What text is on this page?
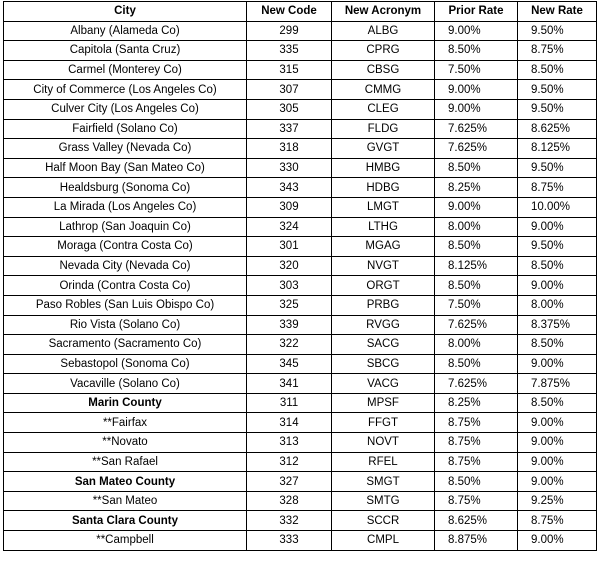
City	New Code	New Acronym	Prior Rate	New Rate
Albany (Alameda Co)	299	ALBG	9.00%	9.50%
Capitola (Santa Cruz)	335	CPRG	8.50%	8.75%
Carmel (Monterey Co)	315	CBSG	7.50%	8.50%
City of Commerce (Los Angeles Co)	307	CMMG	9.00%	9.50%
Culver City (Los Angeles Co)	305	CLEG	9.00%	9.50%
Fairfield (Solano Co)	337	FLDG	7.625%	8.625%
Grass Valley (Nevada Co)	318	GVGT	7.625%	8.125%
Half Moon Bay (San Mateo Co)	330	HMBG	8.50%	9.50%
Healdsburg (Sonoma Co)	343	HDBG	8.25%	8.75%
La Mirada (Los Angeles Co)	309	LMGT	9.00%	10.00%
Lathrop (San Joaquin Co)	324	LTHG	8.00%	9.00%
Moraga (Contra Costa Co)	301	MGAG	8.50%	9.50%
Nevada City (Nevada Co)	320	NVGT	8.125%	8.50%
Orinda (Contra Costa Co)	303	ORGT	8.50%	9.00%
Paso Robles (San Luis Obispo Co)	325	PRBG	7.50%	8.00%
Rio Vista (Solano Co)	339	RVGG	7.625%	8.375%
Sacramento (Sacramento Co)	322	SACG	8.00%	8.50%
Sebastopol (Sonoma Co)	345	SBCG	8.50%	9.00%
Vacaville (Solano Co)	341	VACG	7.625%	7.875%
Marin County	311	MPSF	8.25%	8.50%
**Fairfax	314	FFGT	8.75%	9.00%
**Novato	313	NOVT	8.75%	9.00%
**San Rafael	312	RFEL	8.75%	9.00%
San Mateo County	327	SMGT	8.50%	9.00%
**San Mateo	328	SMTG	8.75%	9.25%
Santa Clara County	332	SCCR	8.625%	8.75%
**Campbell	333	CMPL	8.875%	9.00%
